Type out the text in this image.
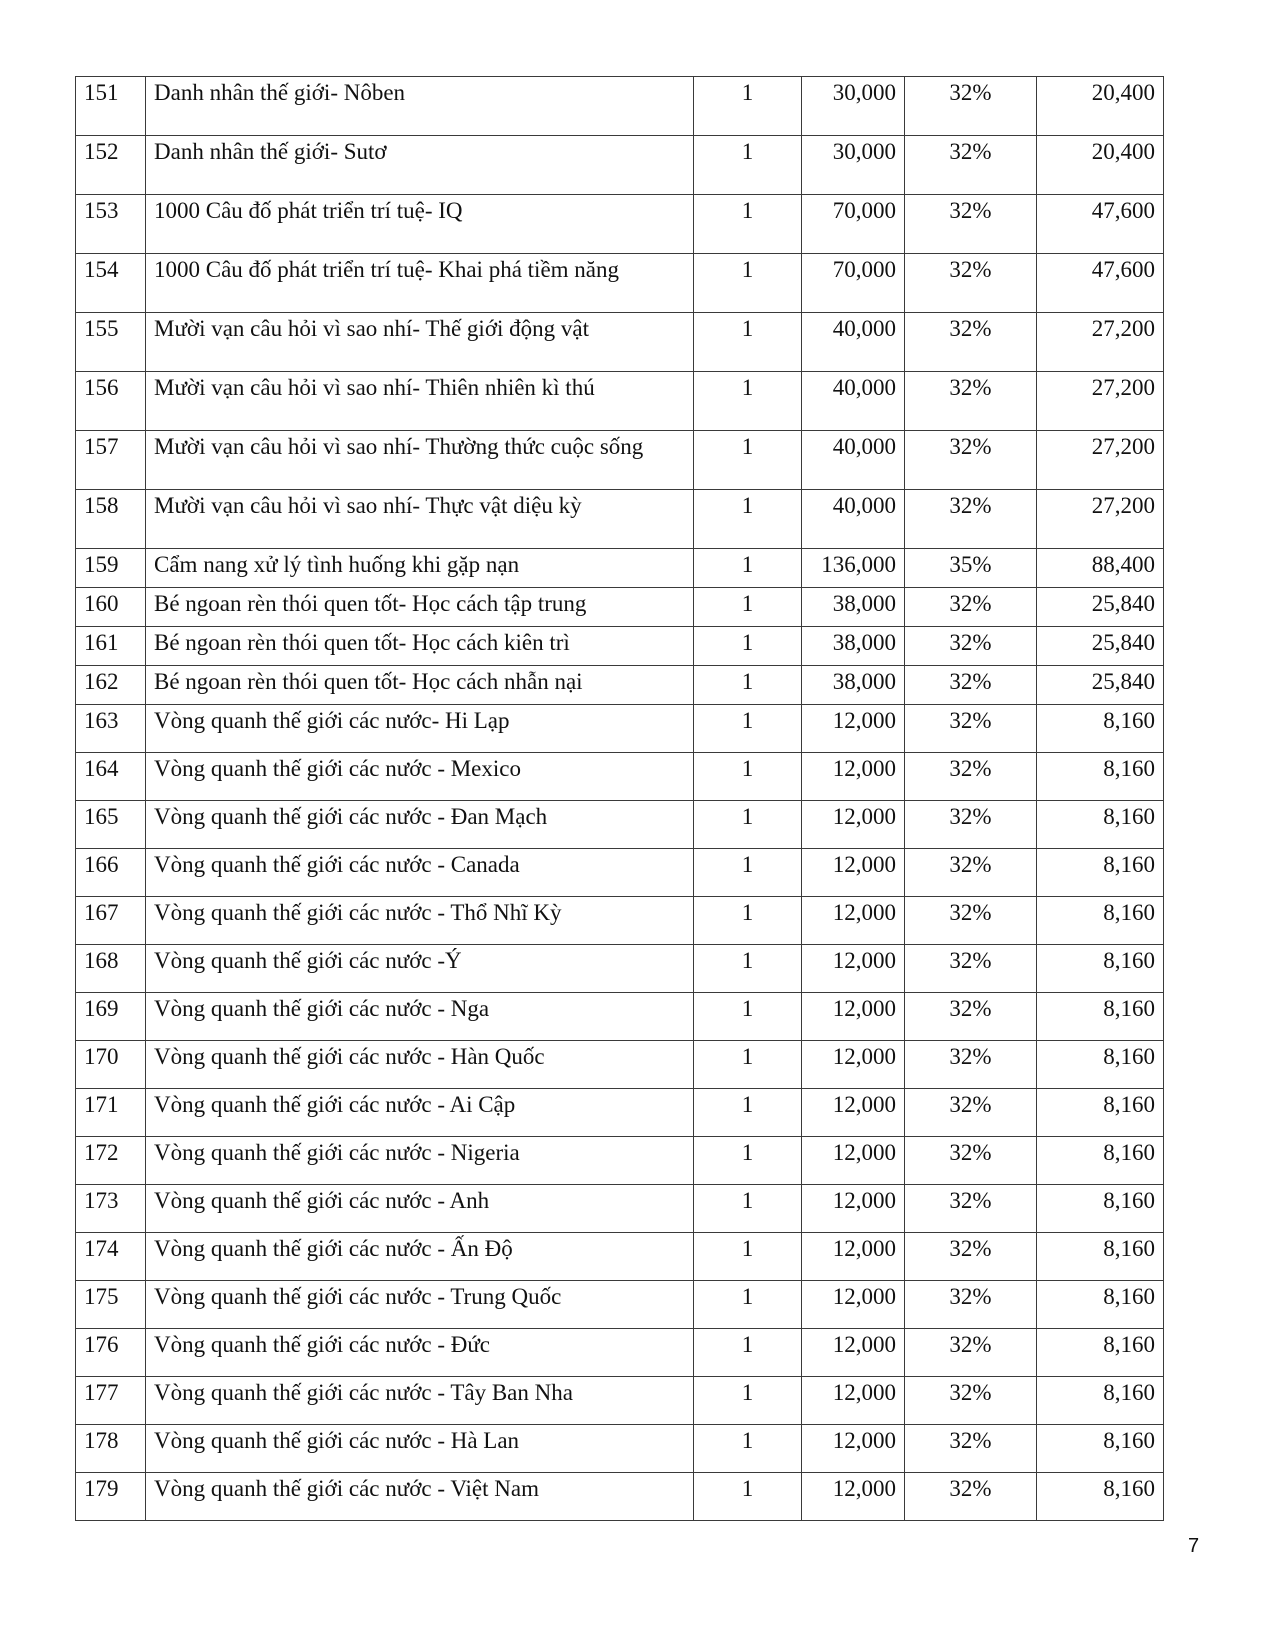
151	Danh nhân thế giới- Nôben	1	30,000	32%	20,400
152	Danh nhân thế giới- Sutơ	1	30,000	32%	20,400
153	1000 Câu đố phát triển trí tuệ- IQ	1	70,000	32%	47,600
154	1000 Câu đố phát triển trí tuệ- Khai phá tiềm năng	1	70,000	32%	47,600
155	Mười vạn câu hỏi vì sao nhí- Thế giới động vật	1	40,000	32%	27,200
156	Mười vạn câu hỏi vì sao nhí- Thiên nhiên kì thú	1	40,000	32%	27,200
157	Mười vạn câu hỏi vì sao nhí- Thường thức cuộc sống	1	40,000	32%	27,200
158	Mười vạn câu hỏi vì sao nhí- Thực vật diệu kỳ	1	40,000	32%	27,200
159	Cẩm nang xử lý tình huống khi gặp nạn	1	136,000	35%	88,400
160	Bé ngoan rèn thói quen tốt- Học cách tập trung	1	38,000	32%	25,840
161	Bé ngoan rèn thói quen tốt- Học cách kiên trì	1	38,000	32%	25,840
162	Bé ngoan rèn thói quen tốt- Học cách nhẫn nại	1	38,000	32%	25,840
163	Vòng quanh thế giới các nước- Hi Lạp	1	12,000	32%	8,160
164	Vòng quanh thế giới các nước - Mexico	1	12,000	32%	8,160
165	Vòng quanh thế giới các nước - Đan Mạch	1	12,000	32%	8,160
166	Vòng quanh thế giới các nước - Canada	1	12,000	32%	8,160
167	Vòng quanh thế giới các nước - Thổ Nhĩ Kỳ	1	12,000	32%	8,160
168	Vòng quanh thế giới các nước -Ý	1	12,000	32%	8,160
169	Vòng quanh thế giới các nước - Nga	1	12,000	32%	8,160
170	Vòng quanh thế giới các nước - Hàn Quốc	1	12,000	32%	8,160
171	Vòng quanh thế giới các nước - Ai Cập	1	12,000	32%	8,160
172	Vòng quanh thế giới các nước - Nigeria	1	12,000	32%	8,160
173	Vòng quanh thế giới các nước - Anh	1	12,000	32%	8,160
174	Vòng quanh thế giới các nước - Ấn Độ	1	12,000	32%	8,160
175	Vòng quanh thế giới các nước - Trung Quốc	1	12,000	32%	8,160
176	Vòng quanh thế giới các nước - Đức	1	12,000	32%	8,160
177	Vòng quanh thế giới các nước - Tây Ban Nha	1	12,000	32%	8,160
178	Vòng quanh thế giới các nước - Hà Lan	1	12,000	32%	8,160
179	Vòng quanh thế giới các nước - Việt Nam	1	12,000	32%	8,160
7
